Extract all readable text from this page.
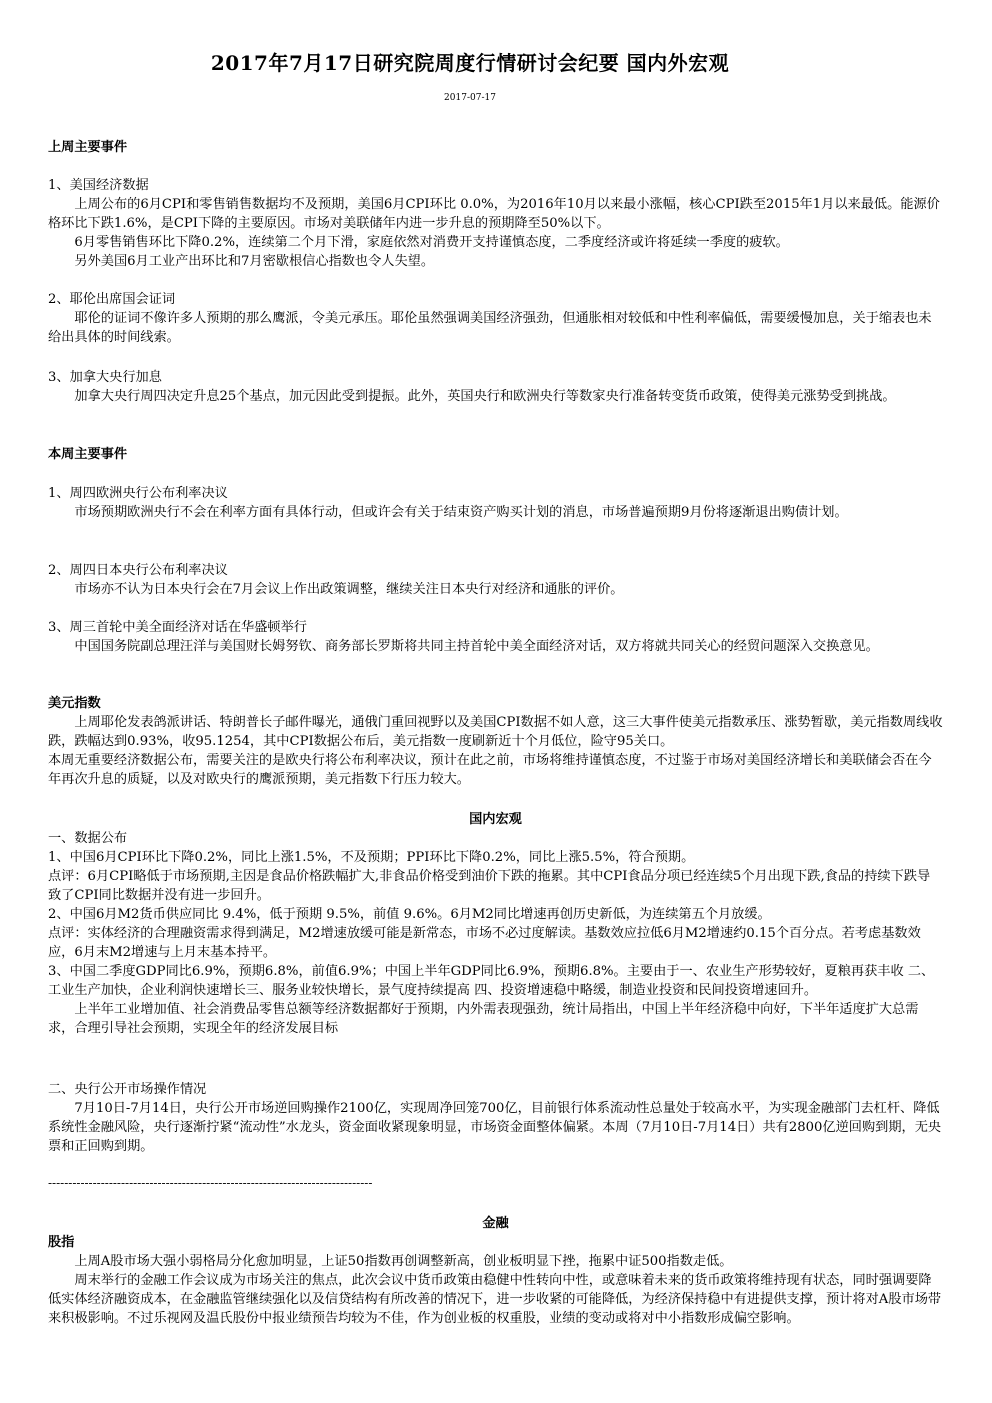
2017年7月17日研究院周度行情研讨会纪要 国内外宏观
2017-07-17

上周主要事件

1、美国经济数据

上周公布的6月CPI和零售销售数据均不及预期，美国6月CPI环比 0.0%，为2016年10月以来最小涨幅，核心CPI跌至2015年1月以来最低。能源价格环比下跌1.6%，是CPI下降的主要原因。市场对美联储年内进一步升息的预期降至50%以下。

6月零售销售环比下降0.2%，连续第二个月下滑，家庭依然对消费开支持谨慎态度，二季度经济或许将延续一季度的疲软。

另外美国6月工业产出环比和7月密歇根信心指数也令人失望。

2、耶伦出席国会证词

耶伦的证词不像许多人预期的那么鹰派，令美元承压。耶伦虽然强调美国经济强劲，但通胀相对较低和中性利率偏低，需要缓慢加息，关于缩表也未给出具体的时间线索。

3、加拿大央行加息

加拿大央行周四决定升息25个基点，加元因此受到提振。此外，英国央行和欧洲央行等数家央行准备转变货币政策，使得美元涨势受到挑战。

本周主要事件

1、周四欧洲央行公布利率决议

市场预期欧洲央行不会在利率方面有具体行动，但或许会有关于结束资产购买计划的消息，市场普遍预期9月份将逐渐退出购债计划。

2、周四日本央行公布利率决议

市场亦不认为日本央行会在7月会议上作出政策调整，继续关注日本央行对经济和通胀的评价。

3、周三首轮中美全面经济对话在华盛顿举行

中国国务院副总理汪洋与美国财长姆努钦、商务部长罗斯将共同主持首轮中美全面经济对话，双方将就共同关心的经贸问题深入交换意见。

美元指数

上周耶伦发表鸽派讲话、特朗普长子邮件曝光，通俄门重回视野以及美国CPI数据不如人意，这三大事件使美元指数承压、涨势暂歇，美元指数周线收跌，跌幅达到0.93%，收95.1254，其中CPI数据公布后，美元指数一度刷新近十个月低位，险守95关口。

本周无重要经济数据公布，需要关注的是欧央行将公布利率决议，预计在此之前，市场将维持谨慎态度，不过鉴于市场对美国经济增长和美联储会否在今年再次升息的质疑，以及对欧央行的鹰派预期，美元指数下行压力较大。

国内宏观

一、数据公布

1、中国6月CPI环比下降0.2%，同比上涨1.5%，不及预期；PPI环比下降0.2%，同比上涨5.5%，符合预期。

点评：6月CPI略低于市场预期,主因是食品价格跌幅扩大,非食品价格受到油价下跌的拖累。其中CPI食品分项已经连续5个月出现下跌,食品的持续下跌导致了CPI同比数据并没有进一步回升。

2、中国6月M2货币供应同比 9.4%，低于预期 9.5%，前值 9.6%。6月M2同比增速再创历史新低，为连续第五个月放缓。

点评：实体经济的合理融资需求得到满足，M2增速放缓可能是新常态，市场不必过度解读。基数效应拉低6月M2增速约0.15个百分点。若考虑基数效应，6月末M2增速与上月末基本持平。

3、中国二季度GDP同比6.9%，预期6.8%，前值6.9%；中国上半年GDP同比6.9%，预期6.8%。主要由于一、农业生产形势较好，夏粮再获丰收 二、工业生产加快，企业利润快速增长三、服务业较快增长，景气度持续提高 四、投资增速稳中略缓，制造业投资和民间投资增速回升。

上半年工业增加值、社会消费品零售总额等经济数据都好于预期，内外需表现强劲，统计局指出，中国上半年经济稳中向好，下半年适度扩大总需求，合理引导社会预期，实现全年的经济发展目标

二、央行公开市场操作情况

7月10日-7月14日，央行公开市场逆回购操作2100亿，实现周净回笼700亿，目前银行体系流动性总量处于较高水平，为实现金融部门去杠杆、降低系统性金融风险，央行逐渐拧紧“流动性”水龙头，资金面收紧现象明显，市场资金面整体偏紧。本周（7月10日-7月14日）共有2800亿逆回购到期，无央票和正回购到期。

--------------------------------------------------------------------------------

金融

股指

上周A股市场大强小弱格局分化愈加明显，上证50指数再创调整新高，创业板明显下挫，拖累中证500指数走低。

周末举行的金融工作会议成为市场关注的焦点，此次会议中货币政策由稳健中性转向中性，或意味着未来的货币政策将维持现有状态，同时强调要降低实体经济融资成本，在金融监管继续强化以及信贷结构有所改善的情况下，进一步收紧的可能降低，为经济保持稳中有进提供支撑，预计将对A股市场带来积极影响。不过乐视网及温氏股份中报业绩预告均较为不佳，作为创业板的权重股，业绩的变动或将对中小指数形成偏空影响。
